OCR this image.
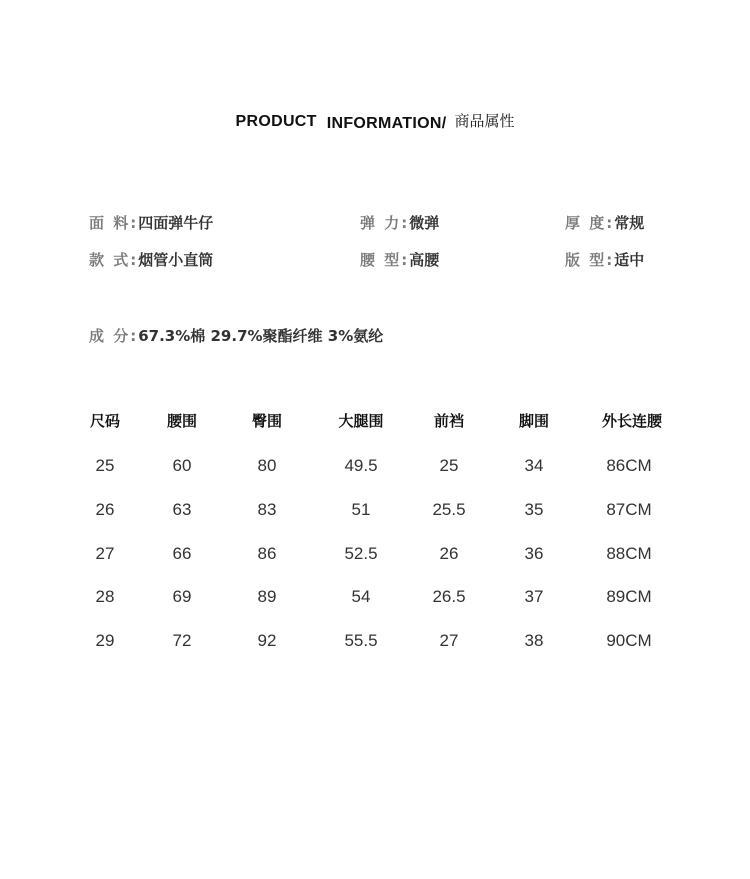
PRODUCT INFORMATION/ 商品属性
面 料:四面弹牛仔	弹 力:微弹	厚 度:常规
款 式:烟管小直筒	腰 型:高腰	版 型:适中
成 分:67.3%棉 29.7%聚酯纤维 3%氨纶
尺码	腰围	臀围	大腿围	前裆	脚围	外长连腰
25	60	80	49.5	25	34	86CM
26	63	83	51	25.5	35	87CM
27	66	86	52.5	26	36	88CM
28	69	89	54	26.5	37	89CM
29	72	92	55.5	27	38	90CM
